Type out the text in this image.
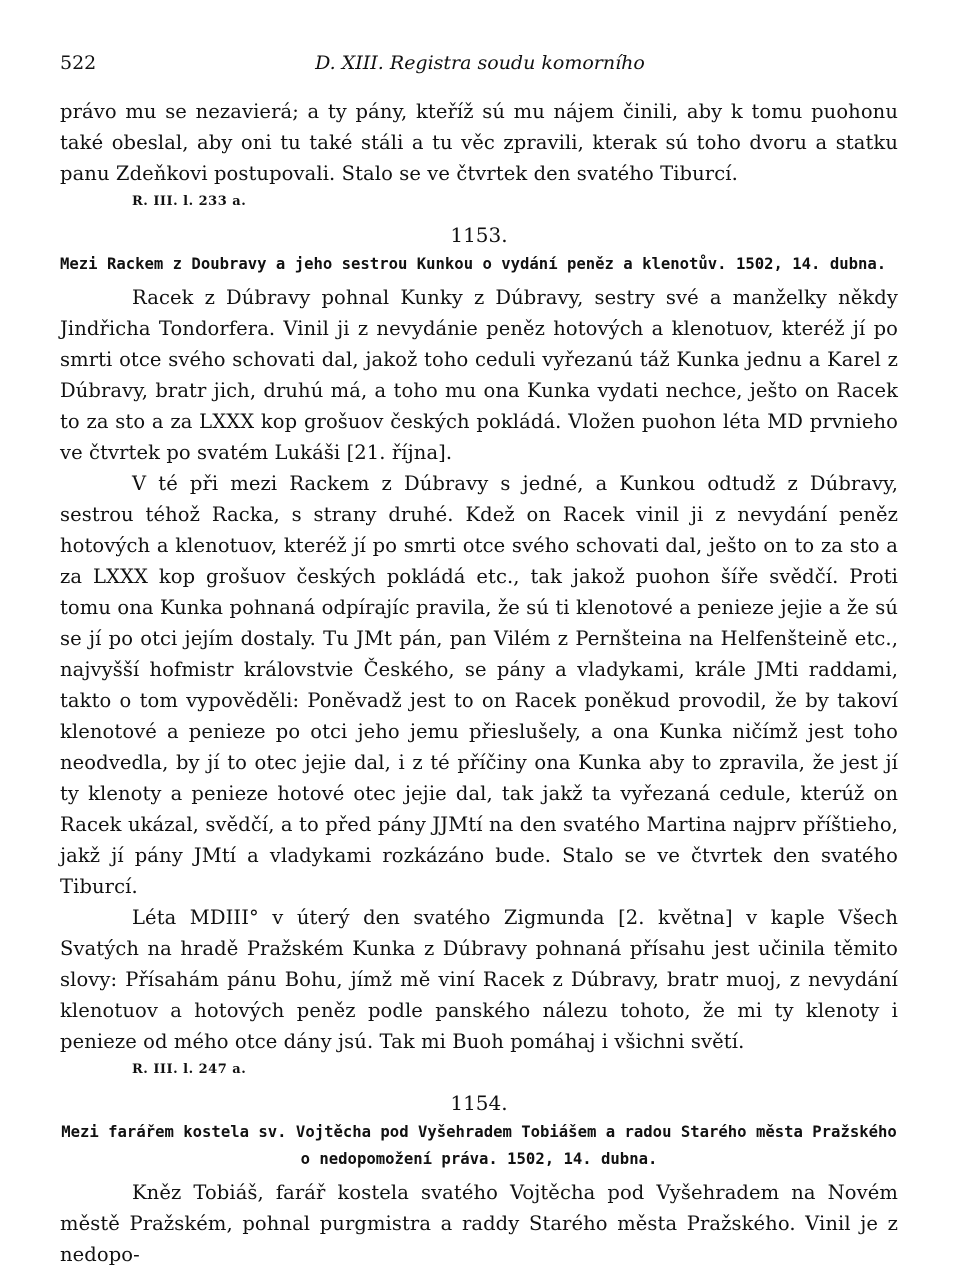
522	D. XIII. Registra soudu komorního

právo mu se nezavierá; a ty pány, kteříž sú mu nájem činili, aby k tomu puohonu také obeslal, aby oni tu také stáli a tu věc zpravili, kterak sú toho dvoru a statku panu Zdeňkovi postupovali. Stalo se ve čtvrtek den svatého Tiburcí.

R. III. l. 233 a.
1153.
Mezi Rackem z Doubravy a jeho sestrou Kunkou o vydání peněz a klenotův. 1502, 14. dubna.

Racek z Dúbravy pohnal Kunky z Dúbravy, sestry své a manželky někdy Jindřicha Tondorfera. Vinil ji z nevydánie peněz hotových a klenotuov, kteréž jí po smrti otce svého schovati dal, jakož toho ceduli vyřezanú táž Kunka jednu a Karel z Dúbravy, bratr jich, druhú má, a toho mu ona Kunka vydati nechce, ješto on Racek to za sto a za LXXX kop grošuov českých pokládá. Vložen puohon léta MD prvnieho ve čtvrtek po svatém Lukáši [21. října].

V té při mezi Rackem z Dúbravy s jedné, a Kunkou odtudž z Dúbravy, sestrou téhož Racka, s strany druhé. Kdež on Racek vinil ji z nevydání peněz hotových a klenotuov, kteréž jí po smrti otce svého schovati dal, ješto on to za sto a za LXXX kop grošuov českých pokládá etc., tak jakož puohon šíře svědčí. Proti tomu ona Kunka pohnaná odpírajíc pravila, že sú ti klenotové a penieze jejie a že sú se jí po otci jejím dostaly. Tu JMt pán, pan Vilém z Pernšteina na Helfenšteině etc., najvyšší hofmistr královstvie Českého, se pány a vladykami, krále JMti raddami, takto o tom vypověděli: Poněvadž jest to on Racek poněkud provodil, že by takoví klenotové a penieze po otci jeho jemu přieslušely, a ona Kunka ničímž jest toho neodvedla, by jí to otec jejie dal, i z té příčiny ona Kunka aby to zpravila, že jest jí ty klenoty a penieze hotové otec jejie dal, tak jakž ta vyřezaná cedule, kterúž on Racek ukázal, svědčí, a to před pány JJMtí na den svatého Martina najprv příštieho, jakž jí pány JMtí a vladykami rozkázáno bude. Stalo se ve čtvrtek den svatého Tiburcí.

Léta MDIII° v úterý den svatého Zigmunda [2. května] v kaple Všech Svatých na hradě Pražském Kunka z Dúbravy pohnaná přísahu jest učinila těmito slovy: Přísahám pánu Bohu, jímž mě viní Racek z Dúbravy, bratr muoj, z nevydání klenotuov a hotových peněz podle panského nálezu tohoto, že mi ty klenoty i penieze od mého otce dány jsú. Tak mi Buoh pomáhaj i všichni světí.

R. III. l. 247 a.
1154.
Mezi farářem kostela sv. Vojtěcha pod Vyšehradem Tobiášem a radou Starého města Pražského o nedopomožení práva. 1502, 14. dubna.

Kněz Tobiáš, farář kostela svatého Vojtěcha pod Vyšehradem na Novém městě Pražském, pohnal purgmistra a raddy Starého města Pražského. Vinil je z nedopo-
